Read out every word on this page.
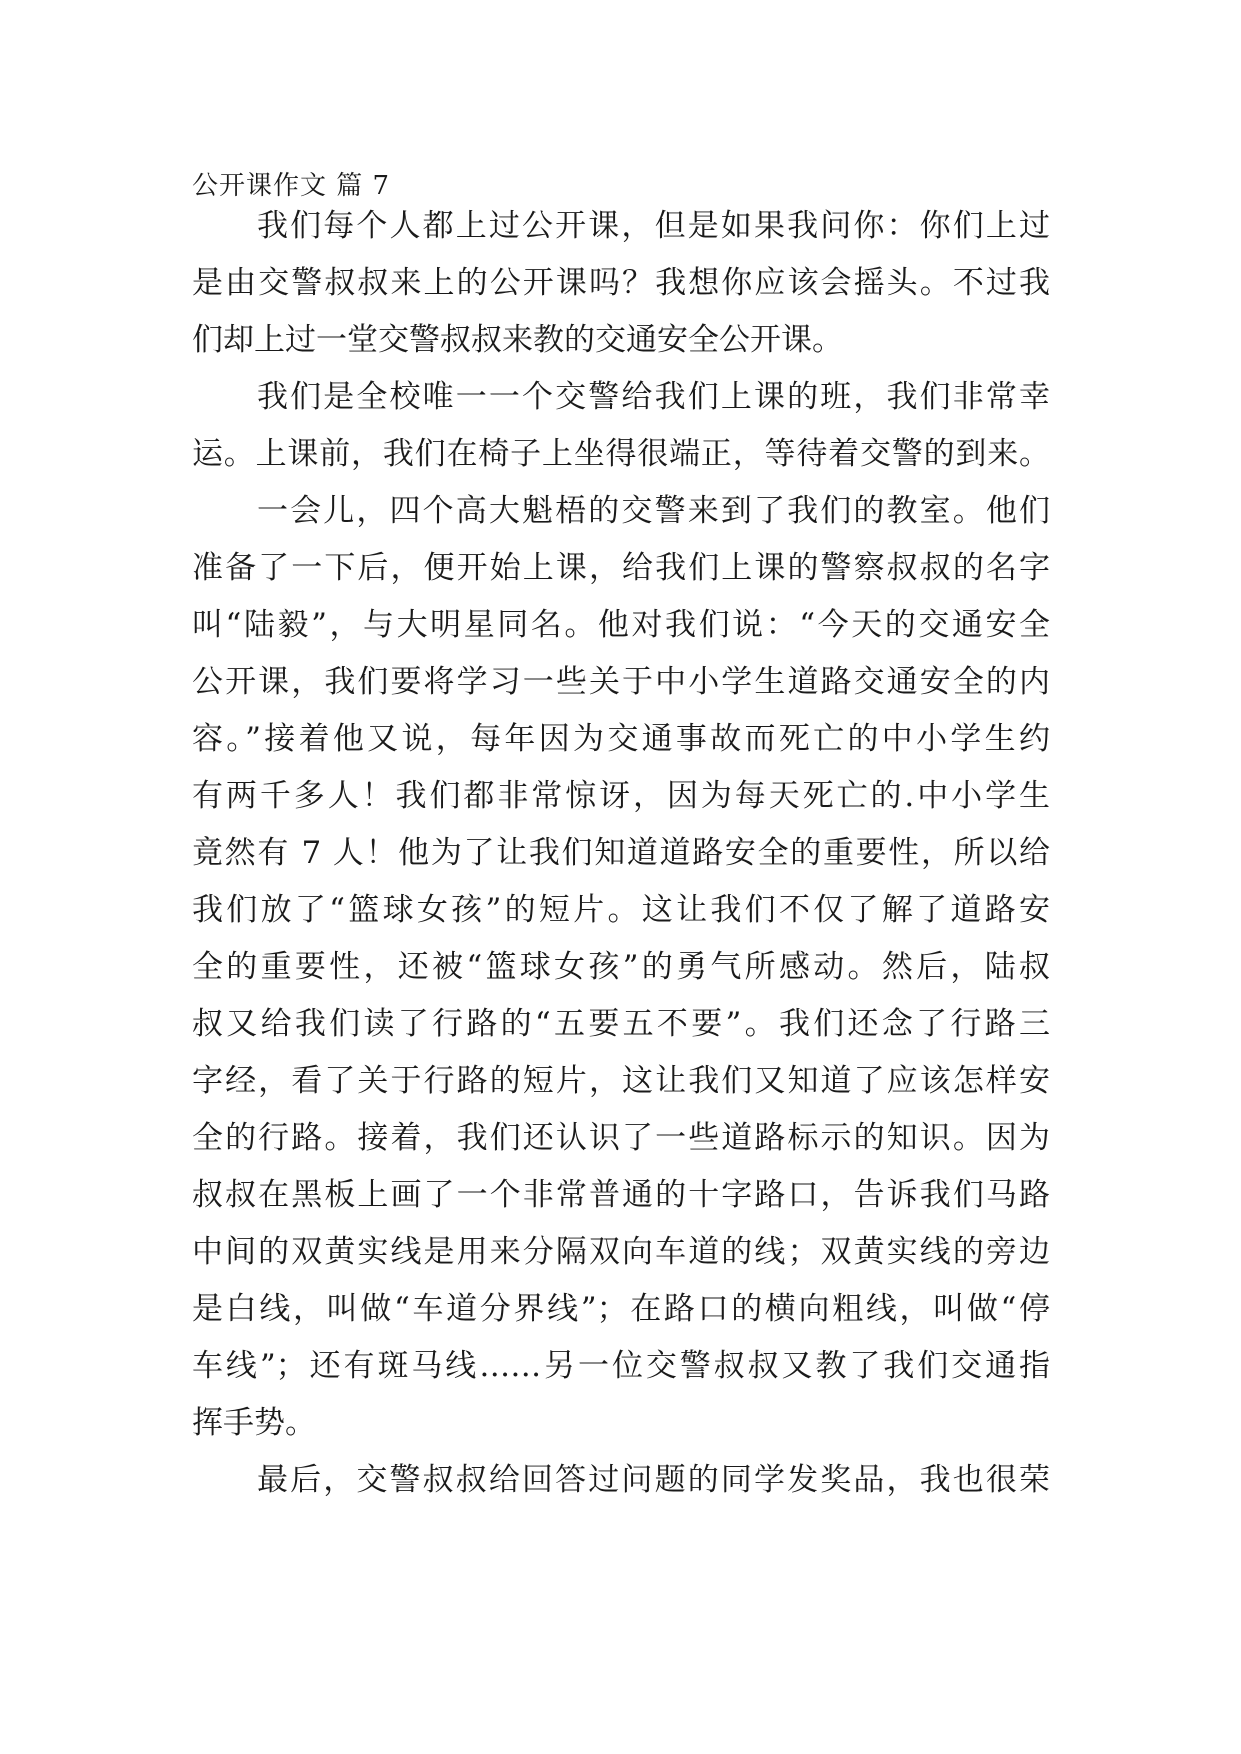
公开课作文 篇 7
我们每个人都上过公开课，但是如果我问你：你们上过
是由交警叔叔来上的公开课吗？我想你应该会摇头。不过我
们却上过一堂交警叔叔来教的交通安全公开课。
我们是全校唯一一个交警给我们上课的班，我们非常幸
运。上课前，我们在椅子上坐得很端正，等待着交警的到来。
一会儿，四个高大魁梧的交警来到了我们的教室。他们
准备了一下后，便开始上课，给我们上课的警察叔叔的名字
叫“陆毅”，与大明星同名。他对我们说：“今天的交通安全
公开课，我们要将学习一些关于中小学生道路交通安全的内
容。”接着他又说，每年因为交通事故而死亡的中小学生约
有两千多人！我们都非常惊讶，因为每天死亡的.中小学生
竟然有 7 人！他为了让我们知道道路安全的重要性，所以给
我们放了“篮球女孩”的短片。这让我们不仅了解了道路安
全的重要性，还被“篮球女孩”的勇气所感动。然后，陆叔
叔又给我们读了行路的“五要五不要”。我们还念了行路三
字经，看了关于行路的短片，这让我们又知道了应该怎样安
全的行路。接着，我们还认识了一些道路标示的知识。因为
叔叔在黑板上画了一个非常普通的十字路口，告诉我们马路
中间的双黄实线是用来分隔双向车道的线；双黄实线的旁边
是白线，叫做“车道分界线”；在路口的横向粗线，叫做“停
车线”；还有斑马线……另一位交警叔叔又教了我们交通指
挥手势。
最后，交警叔叔给回答过问题的同学发奖品，我也很荣
